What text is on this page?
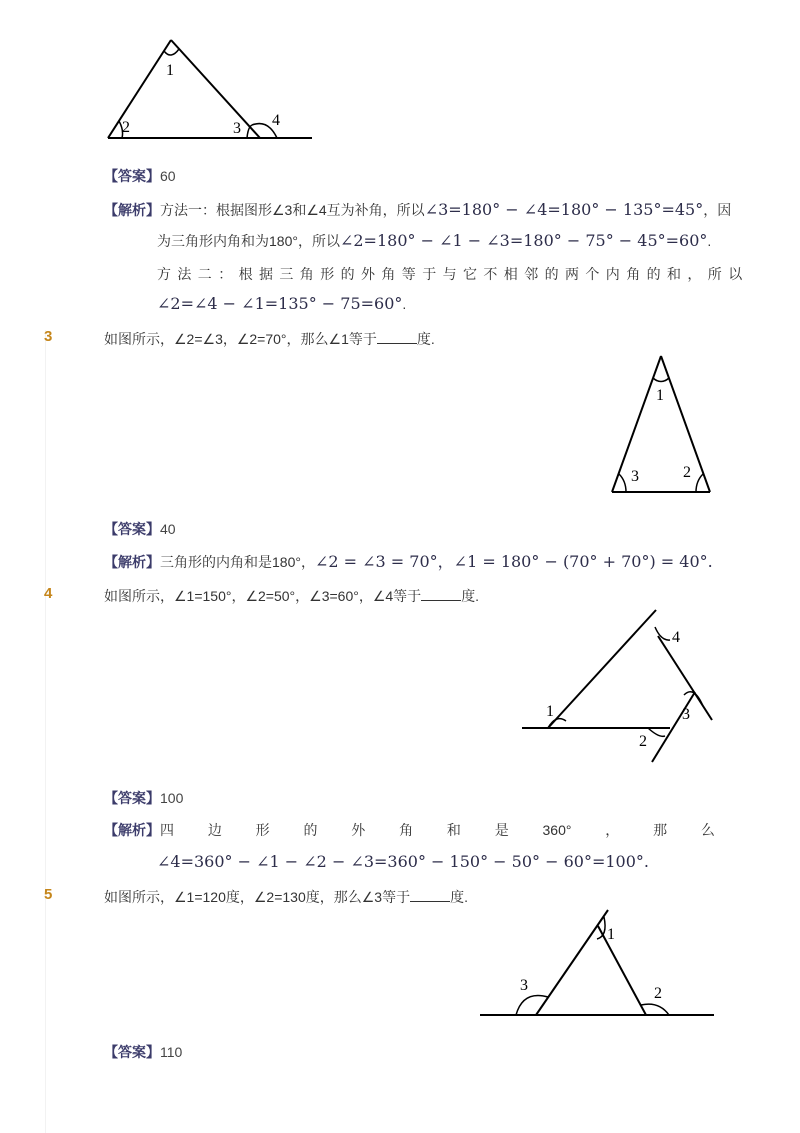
1
2	3 4
【答案】60
【解析】方法一：根据图形∠3和∠4互为补角，所以∠3=180° − ∠4=180° − 135°=45°，因
为三角形内角和为180°，所以∠2=180° − ∠1 − ∠3=180° − 75° − 45°=60°.
方法二：根据三角形的外角等于与它不相邻的两个内角的和，所以
∠2=∠4 − ∠1=135° − 75=60°.
3	如图所示，∠2=∠3，∠2=70°，那么∠1等于	度.
1
3	2
【答案】40
【解析】三角形的内角和是180°，∠2 = ∠3 = 70°，∠1 = 180° − (70° + 70°) = 40°.
4	如图所示，∠1=150°，∠2=50°，∠3=60°，∠4等于	度.
1
4
3
2
【答案】100
【解析】 四 边 形 的 外 角 和 是 360° ， 那 么
∠4=360° − ∠1 − ∠2 − ∠3=360° − 150° − 50° − 60°=100°.
5	如图所示，∠1=120度，∠2=130度，那么∠3等于	度.
1
3	2
【答案】110
